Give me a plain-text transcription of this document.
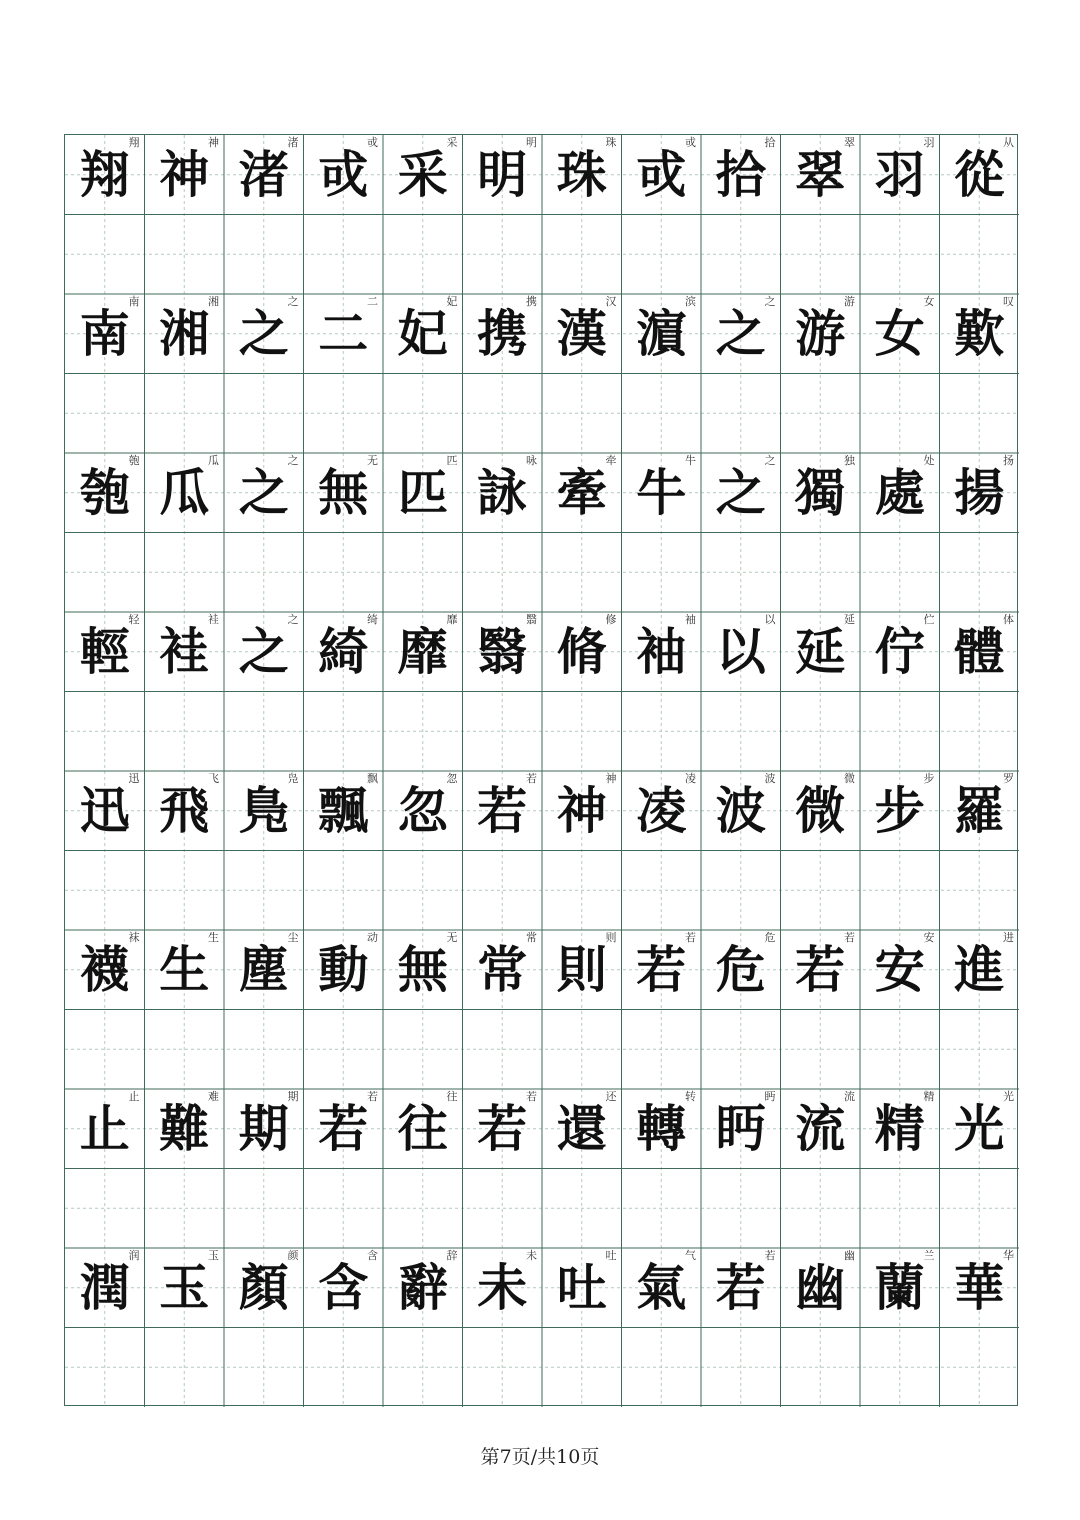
翔
翔
神
神
渚
渚
戓
戓
采
采
明
明
珠
珠
戓
戓
拾
拾
翠
翠
羽
羽
从
從
南
南
湘
湘
之
之
二
二
妃
妃
携
携
汉
漢
滨
濵
之
之
游
游
女
女
叹
歎
匏
匏
瓜
瓜
之
之
无
無
匹
匹
咏
詠
牵
牽
牛
牛
之
之
独
獨
处
處
扬
揚
轻
輕
袿
袿
之
之
绮
綺
靡
靡
翳
翳
修
脩
袖
袖
以
以
延
延
伫
佇
体
體
迅
迅
飞
飛
凫
鳬
飘
飄
忽
忽
若
若
神
神
凌
凌
波
波
微
微
步
步
罗
羅
袜
襪
生
生
尘
塵
动
動
无
無
常
常
则
則
若
若
危
危
若
若
安
安
进
進
止
止
难
難
期
期
若
若
往
往
若
若
还
還
转
轉
眄
眄
流
流
精
精
光
光
润
潤
玉
玉
颜
顏
含
含
辞
辭
未
未
吐
吐
气
氣
若
若
幽
幽
兰
蘭
华
華
第7页/共10页
